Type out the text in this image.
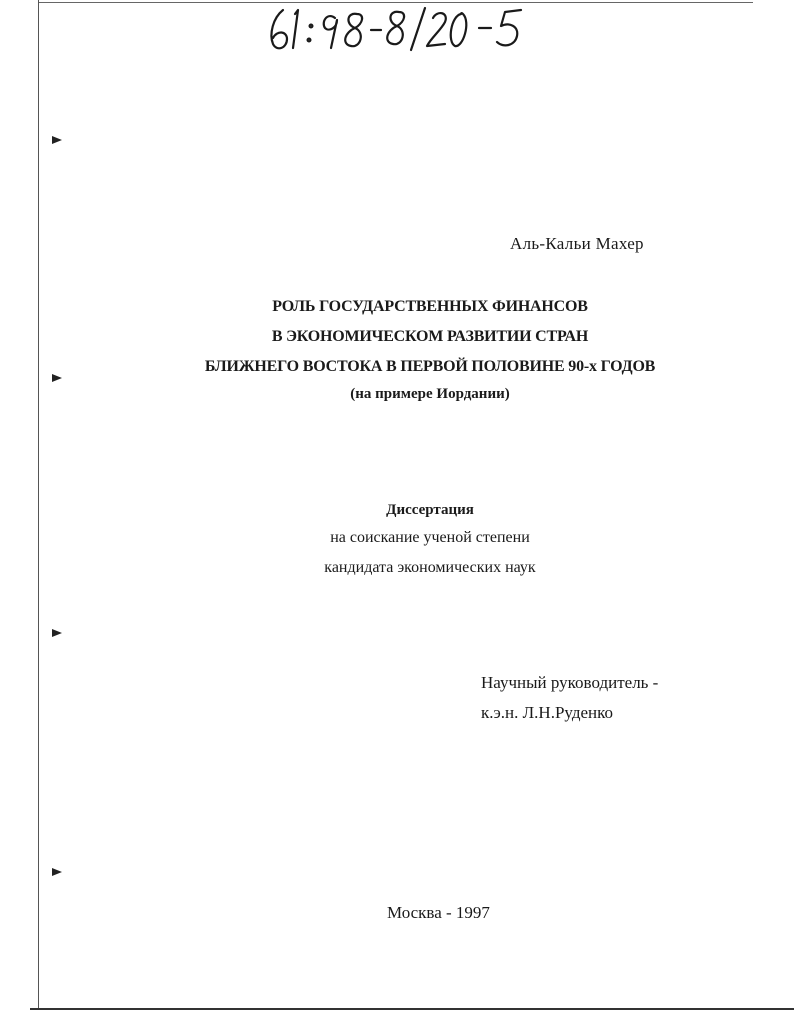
Аль-Кальи Махер
РОЛЬ ГОСУДАРСТВЕННЫХ ФИНАНСОВ
В ЭКОНОМИЧЕСКОМ РАЗВИТИИ СТРАН
БЛИЖНЕГО ВОСТОКА В ПЕРВОЙ ПОЛОВИНЕ 90-х ГОДОВ
(на примере Иордании)
Диссертация
на соискание ученой степени
кандидата экономических наук
Научный руководитель -
к.э.н. Л.Н.Руденко
Москва - 1997
